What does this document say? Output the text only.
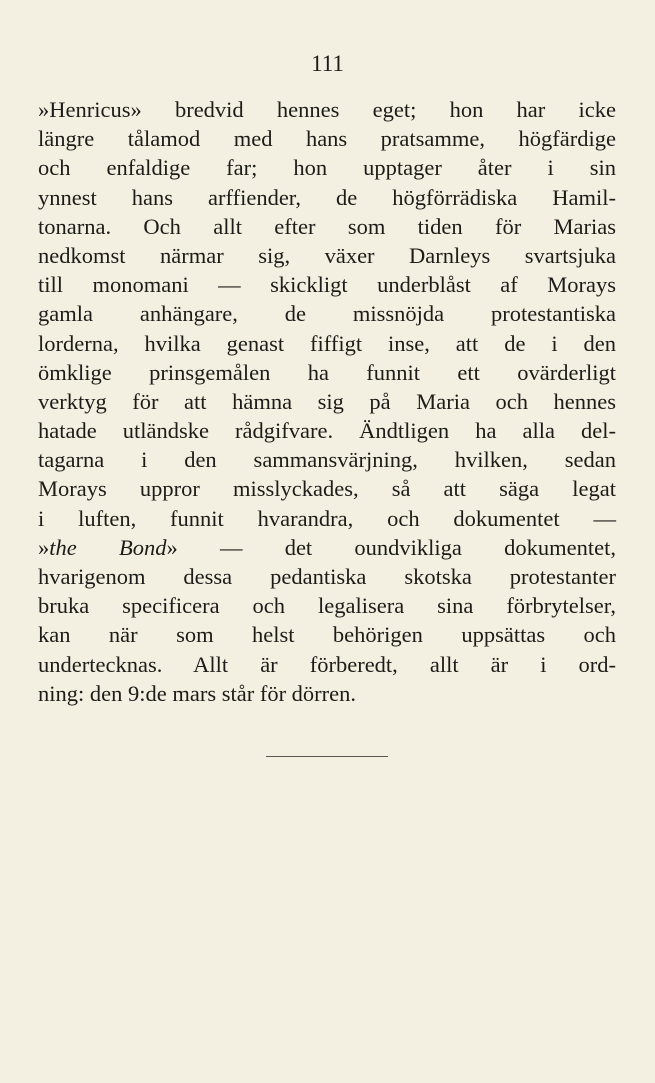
111
»Henricus» bredvid hennes eget; hon har icke
längre tålamod med hans pratsamme, högfärdige
och enfaldige far; hon upptager åter i sin
ynnest hans arffiender, de högförrädiska Hamil-
tonarna. Och allt efter som tiden för Marias
nedkomst närmar sig, växer Darnleys svartsjuka
till monomani — skickligt underblåst af Morays
gamla anhängare, de missnöjda protestantiska
lorderna, hvilka genast fiffigt inse, att de i den
ömklige prinsgemålen ha funnit ett ovärderligt
verktyg för att hämna sig på Maria och hennes
hatade utländske rådgifvare. Ändtligen ha alla del-
tagarna i den sammansvärjning, hvilken, sedan
Morays uppror misslyckades, så att säga legat
i luften, funnit hvarandra, och dokumentet —
»the Bond» — det oundvikliga dokumentet,
hvarigenom dessa pedantiska skotska protestanter
bruka specificera och legalisera sina förbrytelser,
kan när som helst behörigen uppsättas och
undertecknas. Allt är förberedt, allt är i ord-
ning: den 9:de mars står för dörren.
